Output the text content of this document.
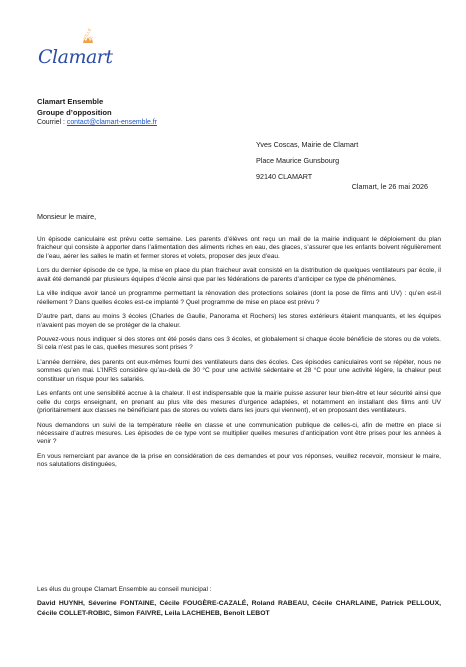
VILLE DE
Clamart
Clamart Ensemble
Groupe d’opposition
Courriel : contact@clamart-ensemble.fr
Yves Coscas, Mairie de Clamart
Place Maurice Gunsbourg
92140 CLAMART
Clamart, le 26 mai 2026
Monsieur le maire,

Un épisode caniculaire est prévu cette semaine. Les parents d’élèves ont reçu un mail de la mairie indiquant le déploiement du plan fraicheur qui consiste à apporter dans l’alimentation des aliments riches en eau, des glaces, s’assurer que les enfants boivent régulièrement de l’eau, aérer les salles le matin et fermer stores et volets, proposer des jeux d’eau.

Lors du dernier épisode de ce type, la mise en place du plan fraicheur avait consisté en la distribution de quelques ventilateurs par école, il avait été demandé par plusieurs équipes d’école ainsi que par les fédérations de parents d’anticiper ce type de phénomènes.

La ville indique avoir lancé un programme permettant la rénovation des protections solaires (dont la pose de films anti UV) : qu’en est-il réellement ? Dans quelles écoles est-ce implanté ? Quel programme de mise en place est prévu ?

D’autre part, dans au moins 3 écoles (Charles de Gaulle, Panorama et Rochers) les stores extérieurs étaient manquants, et les équipes n’avaient pas moyen de se protéger de la chaleur.

Pouvez-vous nous indiquer si des stores ont été posés dans ces 3 écoles, et globalement si chaque école bénéficie de stores ou de volets. Si cela n’est pas le cas, quelles mesures sont prises ?

L’année dernière, des parents ont eux-mêmes fourni des ventilateurs dans des écoles. Ces épisodes caniculaires vont se répéter, nous ne sommes qu’en mai. L’INRS considère qu’au-delà de 30 °C pour une activité sédentaire et 28 °C pour une activité légère, la chaleur peut constituer un risque pour les salariés.

Les enfants ont une sensibilité accrue à la chaleur. Il est indispensable que la mairie puisse assurer leur bien-être et leur sécurité ainsi que celle du corps enseignant, en prenant au plus vite des mesures d’urgence adaptées, et notamment en installant des films anti UV (prioritairement aux classes ne bénéficiant pas de stores ou volets dans les jours qui viennent), et en proposant des ventilateurs.

Nous demandons un suivi de la température réelle en classe et une communication publique de celles-ci, afin de mettre en place si nécessaire d’autres mesures. Les épisodes de ce type vont se multiplier quelles mesures d’anticipation vont être prises pour les années à venir ?

En vous remerciant par avance de la prise en considération de ces demandes et pour vos réponses, veuillez recevoir, monsieur le maire, nos salutations distinguées,

Les élus du groupe Clamart Ensemble au conseil municipal :
David HUYNH, Séverine FONTAINE, Cécile FOUGÈRE-CAZALÉ, Roland RABEAU, Cécile CHARLAINE, Patrick PELLOUX, Cécile COLLET-ROBIC, Simon FAIVRE, Leila LACHEHEB, Benoît LEBOT
